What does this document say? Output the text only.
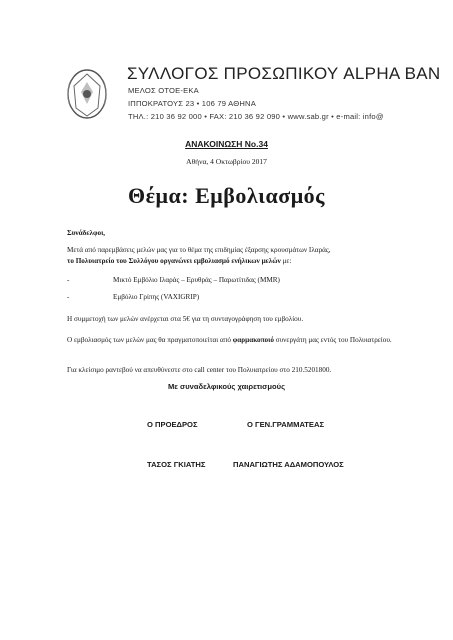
ΣΥΛΛΟΓΟΣ ΠΡΟΣΩΠΙΚΟΥ ALPHA BAN
ΜΕΛΟΣ ΟΤΟΕ-ΕΚΑ
ΙΠΠΟΚΡΑΤΟΥΣ 23 • 106 79 ΑΘΗΝΑ
ΤΗΛ.: 210 36 92 000 • FAX: 210 36 92 090 • www.sab.gr • e-mail: info@
ΑΝΑΚΟΙΝΩΣΗ Νο.34
Αθήνα, 4 Οκτωβρίου 2017
Θέμα: Εμβολιασμός
Συνάδελφοι,
Μετά από παρεμβάσεις μελών μας για το θέμα της επιδημίας έξαρσης κρουσμάτων Ιλαράς,
το Πολυιατρείο του Συλλόγου οργανώνει εμβολιασμό ενήλικων μελών με:
-	Μικτό Εμβόλιο Ιλαράς – Ερυθράς – Παρωτίτιδας (MMR)
-	Εμβόλιο Γρίπης (VAXIGRIP)
Η συμμετοχή των μελών ανέρχεται στα 5€ για τη συνταγογράφηση του εμβολίου.
Ο εμβολιασμός των μελών μας θα πραγματοποιείται από φαρμακοποιό συνεργάτη μας εντός του Πολυιατρείου.
Για κλείσιμο ραντεβού να απευθύνεστε στο call center του Πολυιατρείου στο 210.5201800.
Με συναδελφικούς χαιρετισμούς
Ο ΠΡΟΕΔΡΟΣ	Ο ΓΕΝ.ΓΡΑΜΜΑΤΕΑΣ
ΤΑΣΟΣ ΓΚΙΑΤΗΣ	ΠΑΝΑΓΙΩΤΗΣ ΑΔΑΜΟΠΟΥΛΟΣ
